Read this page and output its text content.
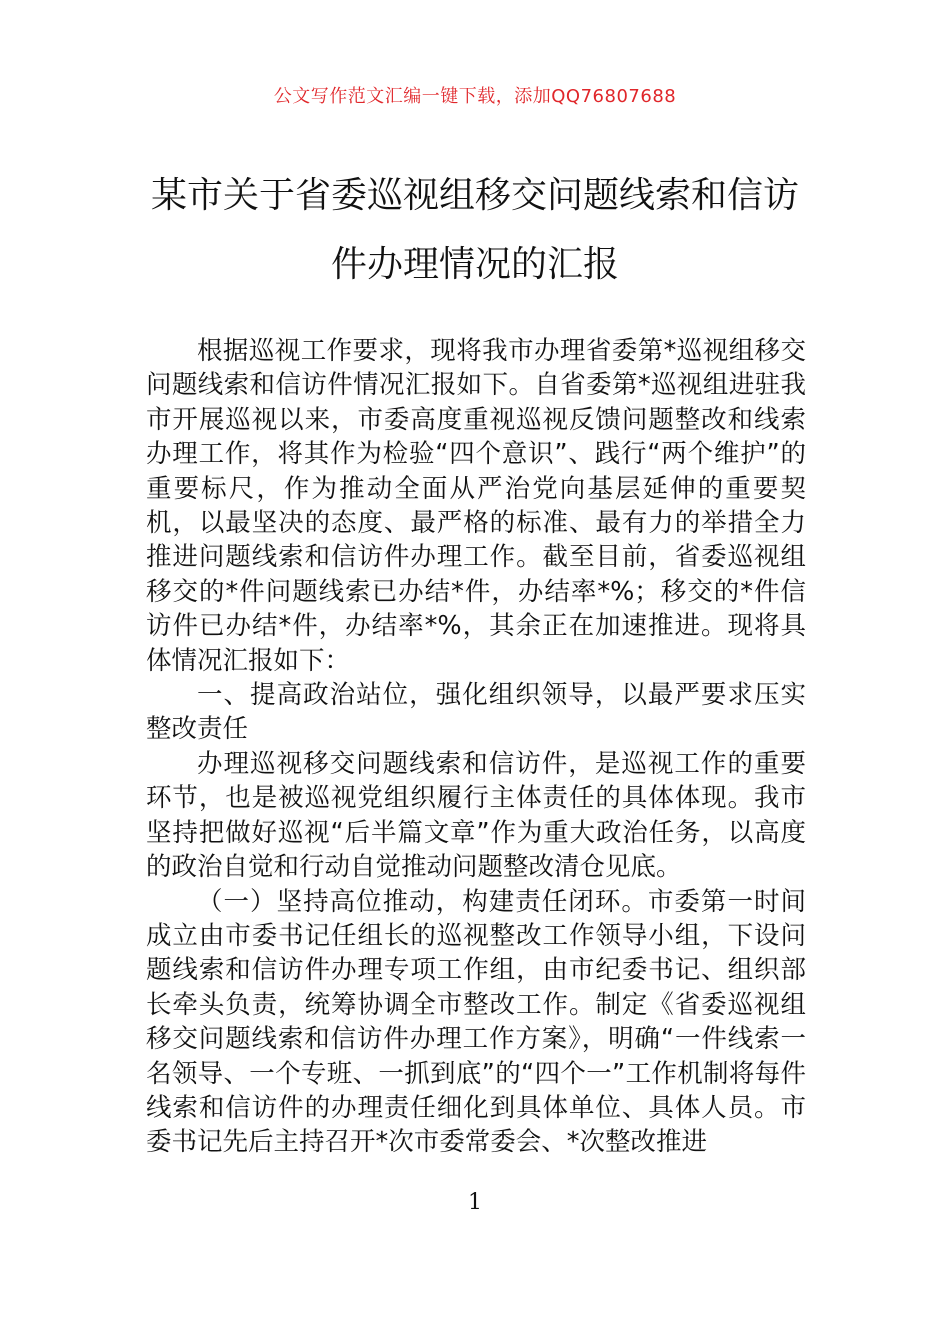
公文写作范文汇编一键下载，添加QQ76807688
某市关于省委巡视组移交问题线索和信访
件办理情况的汇报

根据巡视工作要求，现将我市办理省委第*巡视组移交问题线索和信访件情况汇报如下。自省委第*巡视组进驻我市开展巡视以来，市委高度重视巡视反馈问题整改和线索办理工作，将其作为检验“四个意识”、践行“两个维护”的重要标尺，作为推动全面从严治党向基层延伸的重要契机，以最坚决的态度、最严格的标准、最有力的举措全力推进问题线索和信访件办理工作。截至目前，省委巡视组移交的*件问题线索已办结*件，办结率*%；移交的*件信访件已办结*件，办结率*%，其余正在加速推进。现将具体情况汇报如下：

一、提高政治站位，强化组织领导，以最严要求压实整改责任

办理巡视移交问题线索和信访件，是巡视工作的重要环节，也是被巡视党组织履行主体责任的具体体现。我市坚持把做好巡视“后半篇文章”作为重大政治任务，以高度的政治自觉和行动自觉推动问题整改清仓见底。

（一）坚持高位推动，构建责任闭环。市委第一时间成立由市委书记任组长的巡视整改工作领导小组，下设问题线索和信访件办理专项工作组，由市纪委书记、组织部长牵头负责，统筹协调全市整改工作。制定《省委巡视组移交问题线索和信访件办理工作方案》，明确“一件线索一名领导、一个专班、一抓到底”的“四个一”工作机制将每件线索和信访件的办理责任细化到具体单位、具体人员。市委书记先后主持召开*次市委常委会、*次整改推进

1
